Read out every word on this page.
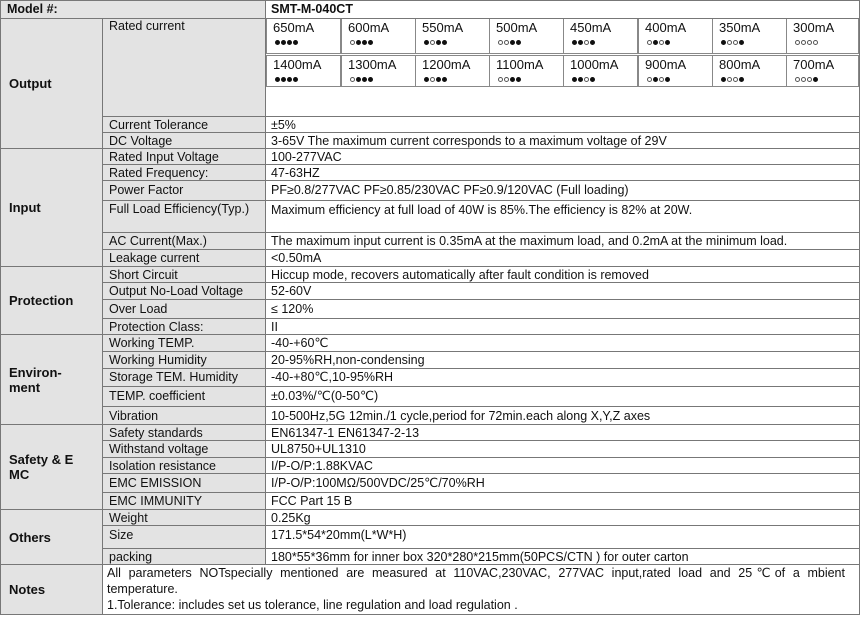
Model #:	SMT-M-040CT
Output
Rated current	650mA	600mA	550mA	500mA	450mA	400mA	350mA	300mA
1400mA 1300mA 1200mA 1100mA 1000mA 900mA	800mA	700mA
Current Tolerance	±5%
DC Voltage	3-65V The maximum current corresponds to a maximum voltage of 29V
Input
Rated Input Voltage	100-277VAC
Rated Frequency:	47-63HZ
Power Factor	PF≥0.8/277VAC PF≥0.85/230VAC PF≥0.9/120VAC (Full loading)
Full Load Efficiency(Typ.)	Maximum efficiency at full load of 40W is 85%.The efficiency is 82% at 20W.
AC Current(Max.)	The maximum input current is 0.35mA at the maximum load, and 0.2mA at the minimum load.
Leakage current	<0.50mA
Protection
Short Circuit	Hiccup mode, recovers automatically after fault condition is removed
Output No-Load Voltage	52-60V
Over Load	≤ 120%
Protection Class:	II
Environ-ment
Working TEMP.	-40-+60℃
Working Humidity	20-95%RH,non-condensing
Storage TEM. Humidity	-40-+80℃,10-95%RH
TEMP. coefficient	±0.03%/℃(0-50℃)
Vibration	10-500Hz,5G 12min./1 cycle,period for 72min.each along X,Y,Z axes
Safety & E MC
Safety standards	EN61347-1 EN61347-2-13
Withstand voltage	UL8750+UL1310
Isolation resistance	I/P-O/P:1.88KVAC
EMC EMISSION	I/P-O/P:100MΩ/500VDC/25℃/70%RH
EMC IMMUNITY	FCC Part 15 B
Others
Weight	0.25Kg
Size	171.5*54*20mm(L*W*H)
packing	180*55*36mm for inner box 320*280*215mm(50PCS/CTN ) for outer carton
Notes
All parameters NOTspecially mentioned are measured at 110VAC,230VAC, 277VAC input,rated load and 25℃of a mbient temperature.
1.Tolerance: includes set us tolerance, line regulation and load regulation .
